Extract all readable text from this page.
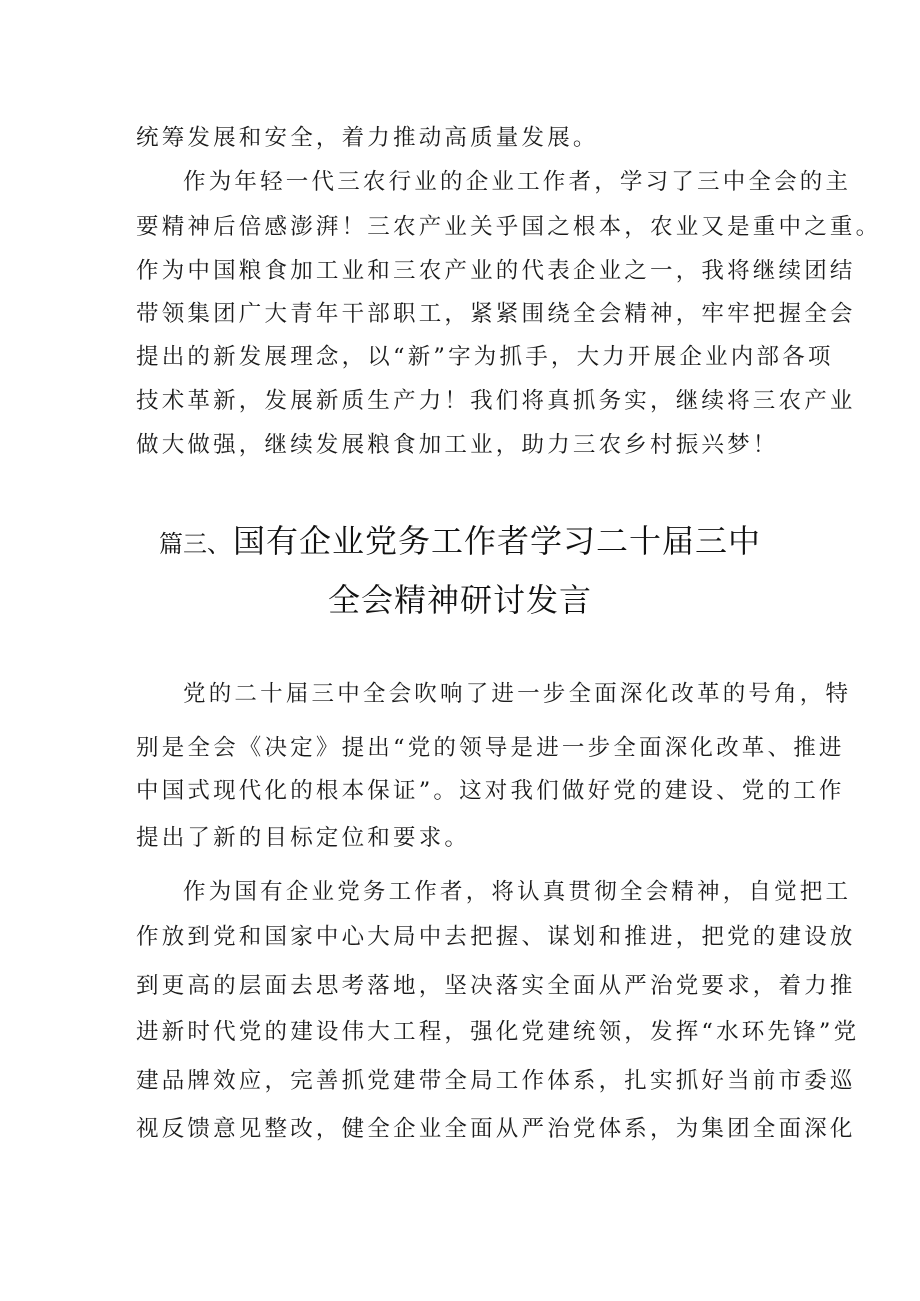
统筹发展和安全，着力推动高质量发展。
作为年轻一代三农行业的企业工作者，学习了三中全会的主
要精神后倍感澎湃！三农产业关乎国之根本，农业又是重中之重。
作为中国粮食加工业和三农产业的代表企业之一，我将继续团结
带领集团广大青年干部职工，紧紧围绕全会精神，牢牢把握全会
提出的新发展理念，以“新”字为抓手，大力开展企业内部各项
技术革新，发展新质生产力！我们将真抓务实，继续将三农产业
做大做强，继续发展粮食加工业，助力三农乡村振兴梦！
篇三、国有企业党务工作者学习二十届三中
全会精神研讨发言
党的二十届三中全会吹响了进一步全面深化改革的号角，特
别是全会《决定》提出“党的领导是进一步全面深化改革、推进
中国式现代化的根本保证”。这对我们做好党的建设、党的工作
提出了新的目标定位和要求。
作为国有企业党务工作者，将认真贯彻全会精神，自觉把工
作放到党和国家中心大局中去把握、谋划和推进，把党的建设放
到更高的层面去思考落地，坚决落实全面从严治党要求，着力推
进新时代党的建设伟大工程，强化党建统领，发挥“水环先锋”党
建品牌效应，完善抓党建带全局工作体系，扎实抓好当前市委巡
视反馈意见整改，健全企业全面从严治党体系，为集团全面深化
